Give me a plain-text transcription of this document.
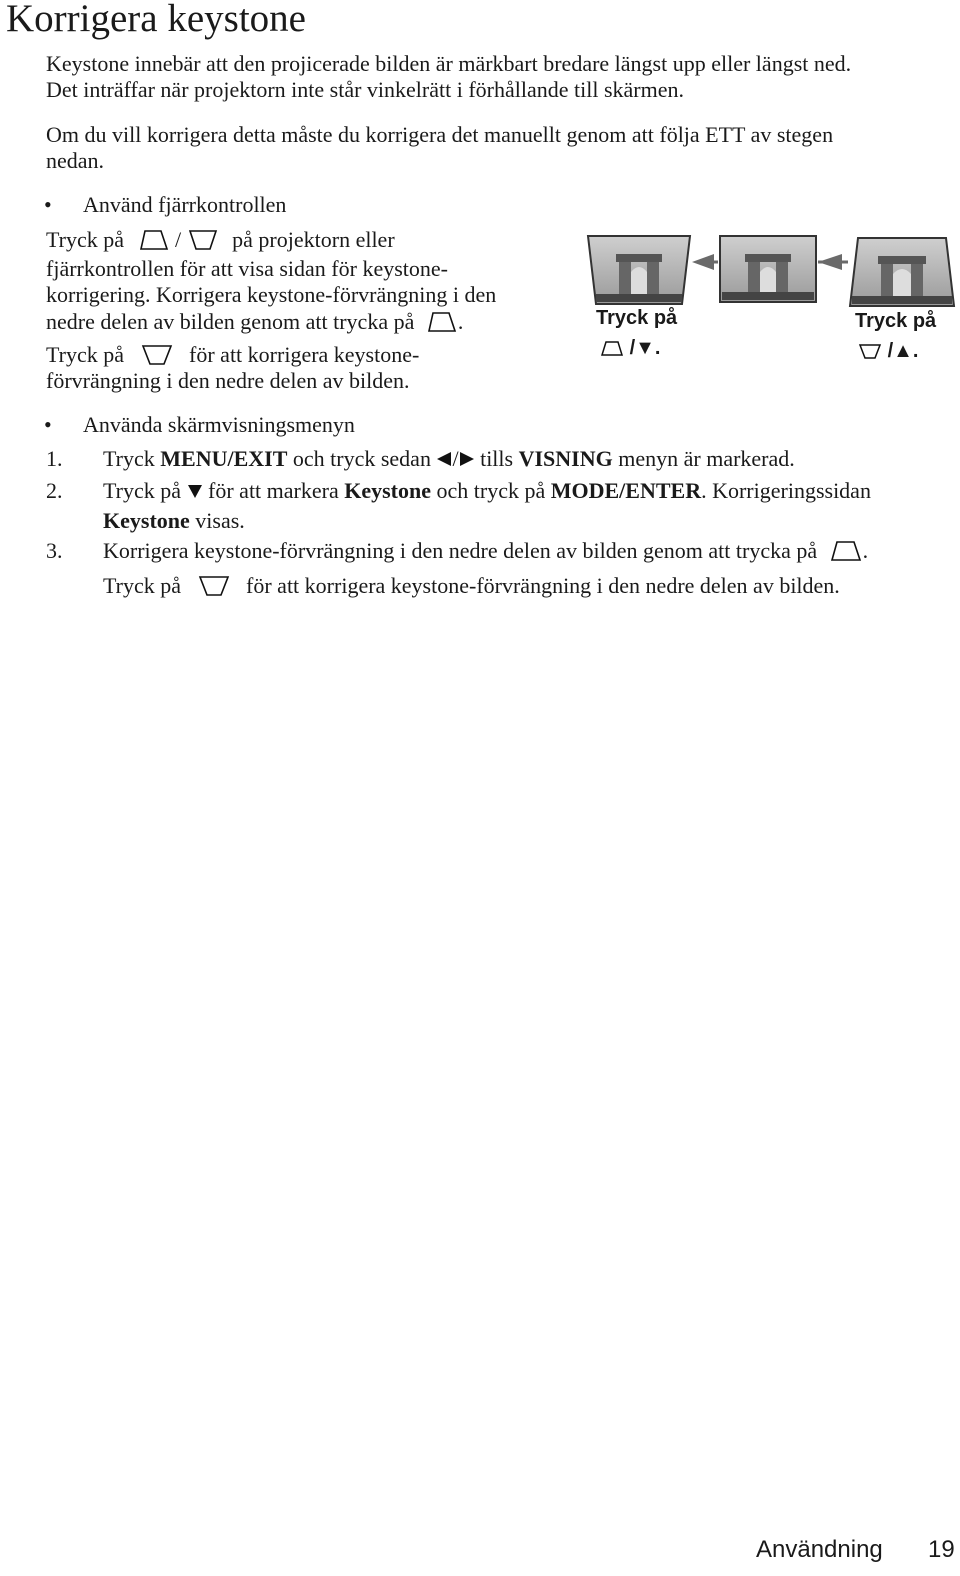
Korrigera keystone
Keystone innebär att den projicerade bilden är märkbart bredare längst upp eller längst ned.
Det inträffar när projektorn inte står vinkelrätt i förhållande till skärmen.
Om du vill korrigera detta måste du korrigera det manuellt genom att följa ETT av stegen
nedan.
• Använd fjärrkontrollen
Tryck på / på projektorn eller
fjärrkontrollen för att visa sidan för keystone-
korrigering. Korrigera keystone-förvrängning i den
nedre delen av bilden genom att trycka på .
Tryck på	för att korrigera keystone-
förvrängning i den nedre delen av bilden.
Tryck på
/▼.
Tryck på
/▲.
• Använda skärmvisningsmenyn
1. Tryck MENU/EXIT och tryck sedan / tills VISNING menyn är markerad.
2. Tryck på för att markera Keystone och tryck på MODE/ENTER. Korrigeringssidan
Keystone visas.
3. Korrigera keystone-förvrängning i den nedre delen av bilden genom att trycka på .
Tryck på	för att korrigera keystone-förvrängning i den nedre delen av bilden.
Användning 19
